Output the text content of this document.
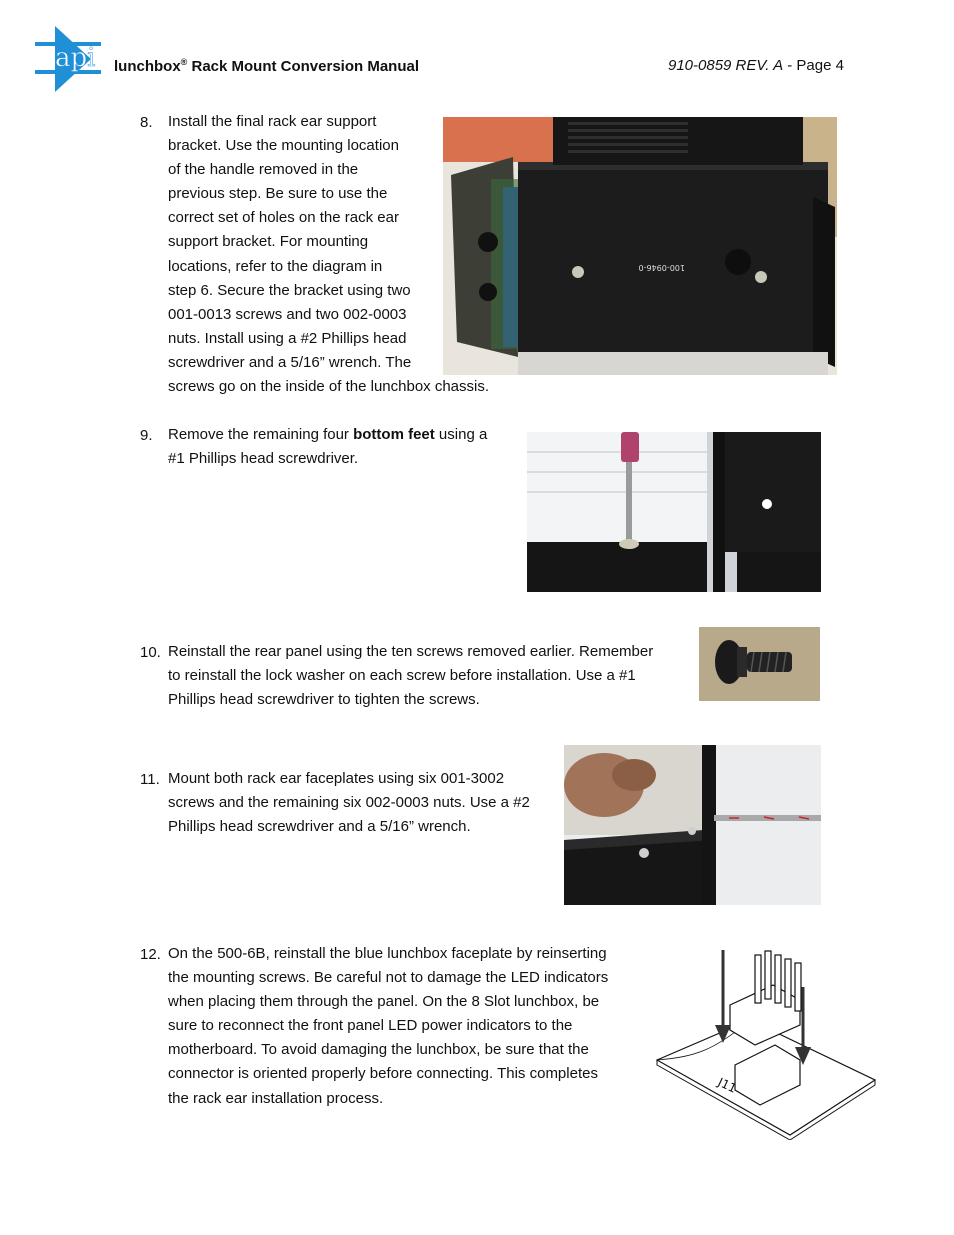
api lunchbox® Rack Mount Conversion Manual	910-0859 REV. A - Page 4
8. Install the final rack ear support
bracket. Use the mounting location
of the handle removed in the
previous step. Be sure to use the
correct set of holes on the rack ear
support bracket. For mounting
locations, refer to the diagram in
step 6. Secure the bracket using two
001-0013 screws and two 002-0003
nuts. Install using a #2 Phillips head
screwdriver and a 5/16” wrench. The
screws go on the inside of the lunchbox chassis.
100-0946-0
9. Remove the remaining four bottom feet using a
#1 Phillips head screwdriver.
10. Reinstall the rear panel using the ten screws removed earlier. Remember
to reinstall the lock washer on each screw before installation. Use a #1
Phillips head screwdriver to tighten the screws.
11. Mount both rack ear faceplates using six 001-3002
screws and the remaining six 002-0003 nuts. Use a #2
Phillips head screwdriver and a 5/16” wrench.
12. On the 500-6B, reinstall the blue lunchbox faceplate by reinserting
the mounting screws. Be careful not to damage the LED indicators
when placing them through the panel. On the 8 Slot lunchbox, be
sure to reconnect the front panel LED power indicators to the
motherboard. To avoid damaging the lunchbox, be sure that the
connector is oriented properly before connecting. This completes
the rack ear installation process.
J11
